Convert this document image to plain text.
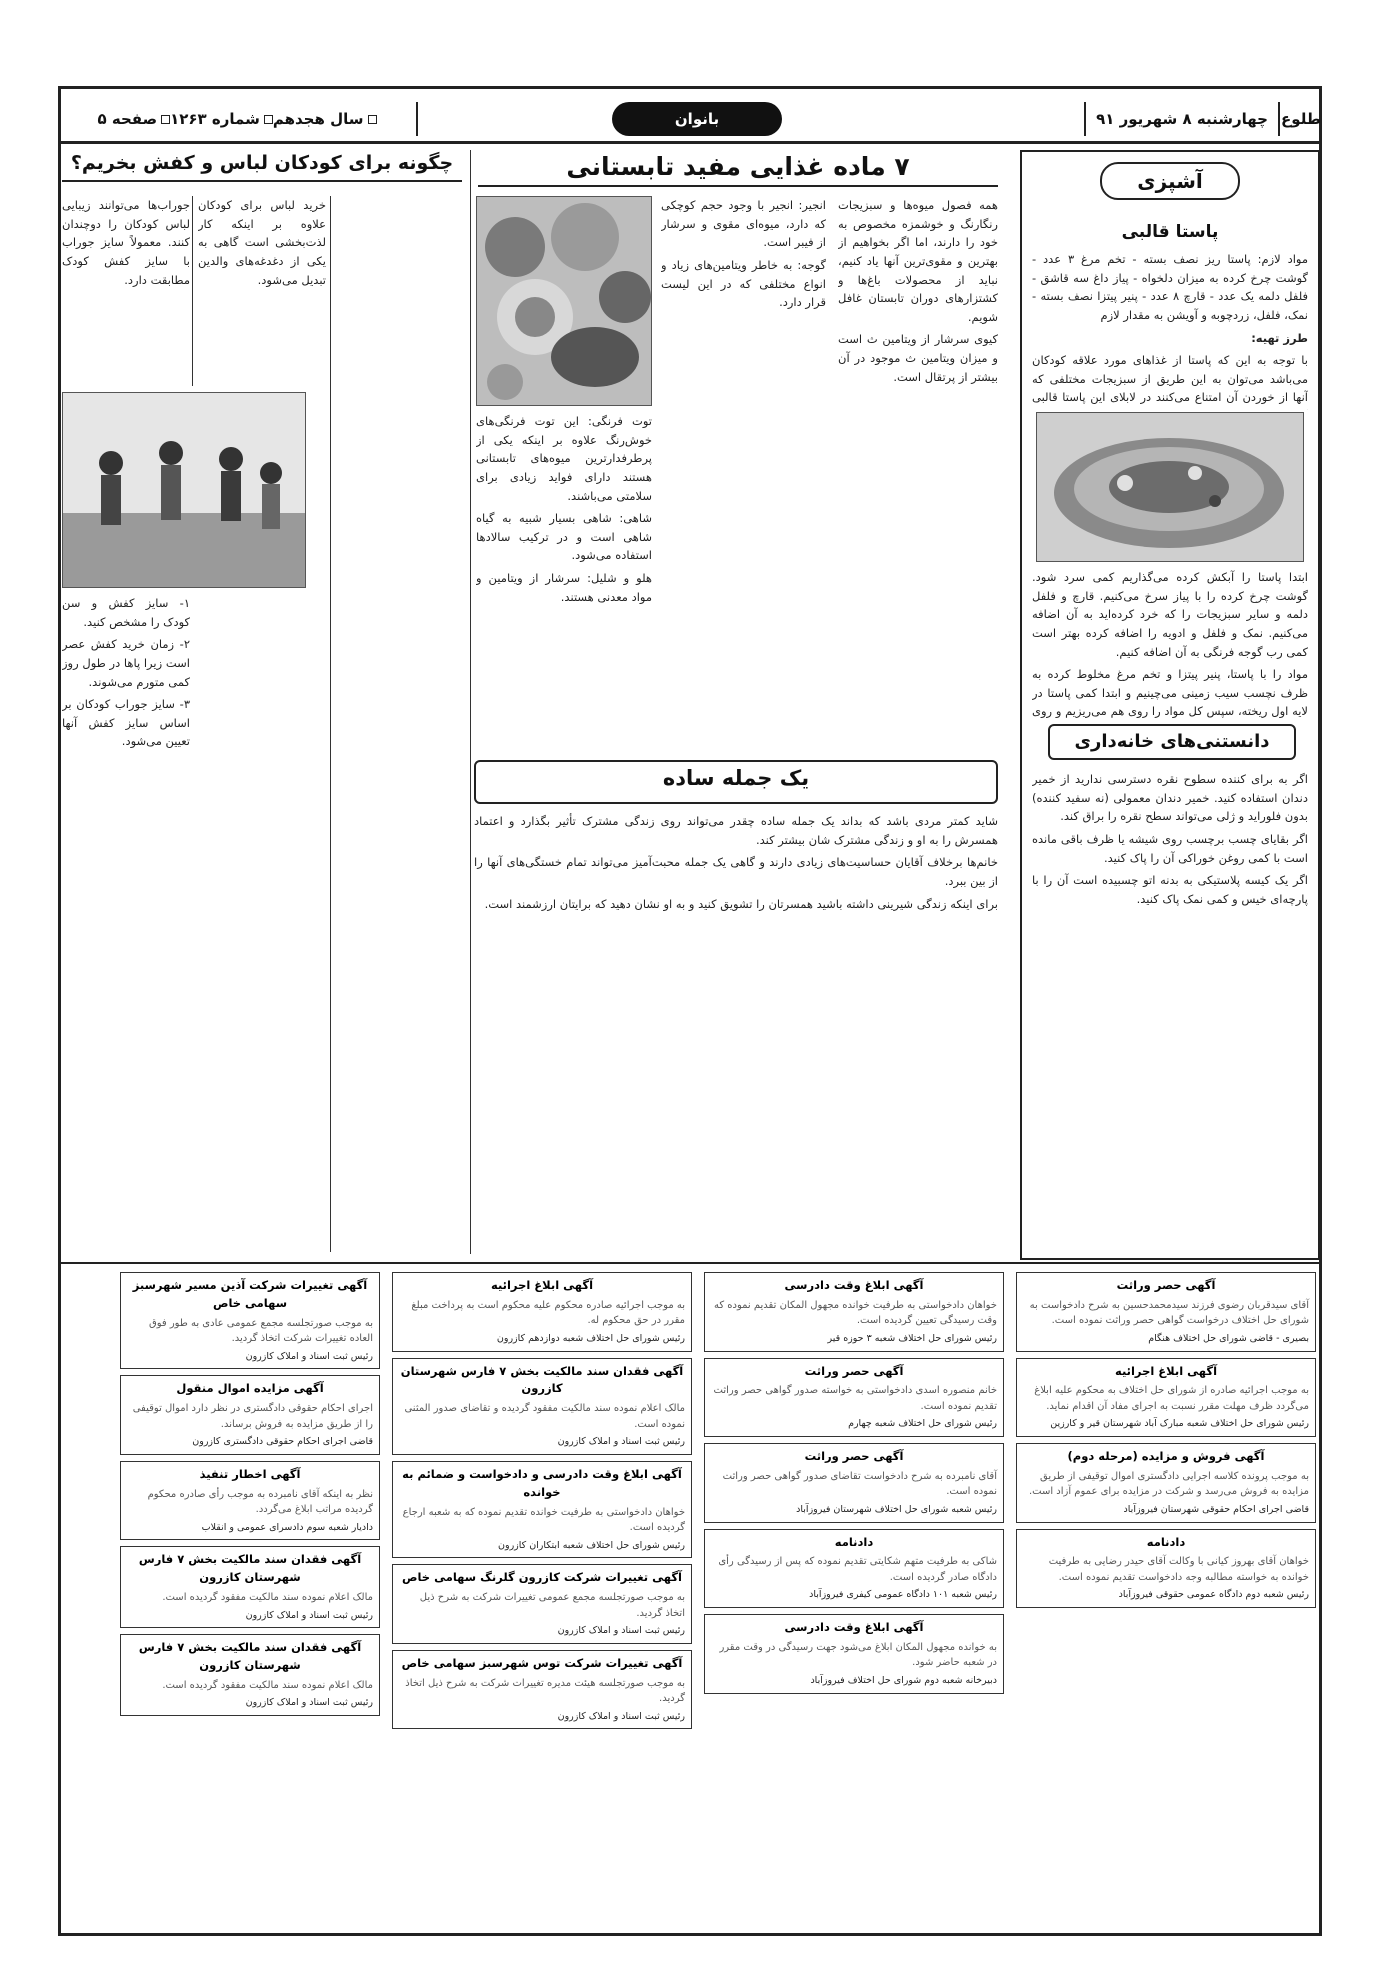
طلوع
چهارشنبه ۸ شهریور ۹۱
بانوان
سال هجدهم
شماره ۱۲۶۳
صفحه ۵
آشپزی
پاستا قالبی

مواد لازم: پاستا ریز نصف بسته - تخم مرغ ۳ عدد - گوشت چرخ کرده به میزان دلخواه - پیاز داغ سه قاشق - فلفل دلمه یک عدد - قارچ ۸ عدد - پنیر پیتزا نصف بسته - نمک، فلفل، زردچوبه و آویشن به مقدار لازم

طرز تهیه:

با توجه به این که پاستا از غذاهای مورد علاقه کودکان می‌باشد می‌توان به این طریق از سبزیجات مختلفی که آنها از خوردن آن امتناع می‌کنند در لابلای این پاستا قالبی

ابتدا پاستا را آبکش کرده می‌گذاریم کمی سرد شود. گوشت چرخ کرده را با پیاز سرخ می‌کنیم. قارچ و فلفل دلمه و سایر سبزیجات را که خرد کرده‌اید به آن اضافه می‌کنیم. نمک و فلفل و ادویه را اضافه کرده بهتر است کمی رب گوجه فرنگی به آن اضافه کنیم.

مواد را با پاستا، پنیر پیتزا و تخم مرغ مخلوط کرده به ظرف نچسب سیب زمینی می‌چینیم و ابتدا کمی پاستا در لایه اول ریخته، سپس کل مواد را روی هم می‌ریزیم و روی

دانستنی‌های خانه‌داری

اگر به برای کننده سطوح نقره دسترسی ندارید از خمیر دندان استفاده کنید. خمیر دندان معمولی (نه سفید کننده) بدون فلوراید و ژلی می‌تواند سطح نقره را براق کند.

اگر بقایای چسب برچسب روی شیشه یا ظرف باقی مانده است با کمی روغن خوراکی آن را پاک کنید.

اگر یک کیسه پلاستیکی به بدنه اتو چسبیده است آن را با پارچه‌ای خیس و کمی نمک پاک کنید.

۷ ماده غذایی مفید تابستانی

همه فصول میوه‌ها و سبزیجات رنگارنگ و خوشمزه مخصوص به خود را دارند، اما اگر بخواهیم از بهترین و مقوی‌ترین آنها یاد کنیم، نباید از محصولات باغ‌ها و کشتزارهای دوران تابستان غافل شویم.

کیوی سرشار از ویتامین ث است و میزان ویتامین ث موجود در آن بیشتر از پرتقال است.

انجیر: انجیر با وجود حجم کوچکی که دارد، میوه‌ای مقوی و سرشار از فیبر است.

گوجه: به خاطر ویتامین‌های زیاد و انواع مختلفی که در این لیست قرار دارد.

توت فرنگی: این توت فرنگی‌های خوش‌رنگ علاوه بر اینکه یکی از پرطرفدارترین میوه‌های تابستانی هستند دارای فواید زیادی برای سلامتی می‌باشند.

شاهی: شاهی بسیار شبیه به گیاه شاهی است و در ترکیب سالادها استفاده می‌شود.

هلو و شلیل: سرشار از ویتامین و مواد معدنی هستند.

یک جمله ساده

شاید کمتر مردی باشد که بداند یک جمله ساده چقدر می‌تواند روی زندگی مشترک تأثیر بگذارد و اعتماد همسرش را به او و زندگی مشترک شان بیشتر کند.

خانم‌ها برخلاف آقایان حساسیت‌های زیادی دارند و گاهی یک جمله محبت‌آمیز می‌تواند تمام خستگی‌های آنها را از بین ببرد.

برای اینکه زندگی شیرینی داشته باشید همسرتان را تشویق کنید و به او نشان دهید که برایتان ارزشمند است.

چگونه برای کودکان لباس و کفش بخریم؟

جوراب‌ها می‌توانند زیبایی لباس کودکان را دوچندان کنند. معمولاً سایز جوراب با سایز کفش کودک مطابقت دارد.

خرید لباس برای کودکان علاوه بر اینکه کار لذت‌بخشی است گاهی به یکی از دغدغه‌های والدین تبدیل می‌شود.

۱- سایز کفش و سن کودک را مشخص کنید.

۲- زمان خرید کفش عصر است زیرا پاها در طول روز کمی متورم می‌شوند.

۳- سایز جوراب کودکان بر اساس سایز کفش آنها تعیین می‌شود.

آگهی حصر وراثت
آقای سیدقربان رضوی فرزند سیدمحمدحسین به شرح دادخواست به شورای حل اختلاف درخواست گواهی حصر وراثت نموده است.
بصیری - قاضی شورای حل اختلاف هنگام
آگهی ابلاغ اجرائیه
به موجب اجرائیه صادره از شورای حل اختلاف به محکوم علیه ابلاغ می‌گردد ظرف مهلت مقرر نسبت به اجرای مفاد آن اقدام نماید.
رئیس شورای حل اختلاف شعبه مبارک آباد شهرستان قیر و کارزین
آگهی فروش و مزایده (مرحله دوم)
به موجب پرونده کلاسه اجرایی دادگستری اموال توقیفی از طریق مزایده به فروش می‌رسد و شرکت در مزایده برای عموم آزاد است.
قاضی اجرای احکام حقوقی شهرستان فیروزآباد
دادنامه
خواهان آقای بهروز کیانی با وکالت آقای حیدر رضایی به طرفیت خوانده به خواسته مطالبه وجه دادخواست تقدیم نموده است.
رئیس شعبه دوم دادگاه عمومی حقوقی فیروزآباد
آگهی ابلاغ وقت دادرسی
خواهان دادخواستی به طرفیت خوانده مجهول المکان تقدیم نموده که وقت رسیدگی تعیین گردیده است.
رئیس شورای حل اختلاف شعبه ۳ حوزه قیر
آگهی حصر وراثت
خانم منصوره اسدی دادخواستی به خواسته صدور گواهی حصر وراثت تقدیم نموده است.
رئیس شورای حل اختلاف شعبه چهارم
آگهی حصر وراثت
آقای نامبرده به شرح دادخواست تقاضای صدور گواهی حصر وراثت نموده است.
رئیس شعبه شورای حل اختلاف شهرستان فیروزآباد
دادنامه
شاکی به طرفیت متهم شکایتی تقدیم نموده که پس از رسیدگی رأی دادگاه صادر گردیده است.
رئیس شعبه ۱۰۱ دادگاه عمومی کیفری فیروزآباد
آگهی ابلاغ وقت دادرسی
به خوانده مجهول المکان ابلاغ می‌شود جهت رسیدگی در وقت مقرر در شعبه حاضر شود.
دبیرخانه شعبه دوم شورای حل اختلاف فیروزآباد
آگهی ابلاغ اجرائیه
به موجب اجرائیه صادره محکوم علیه محکوم است به پرداخت مبلغ مقرر در حق محکوم له.
رئیس شورای حل اختلاف شعبه دوازدهم کازرون
آگهی فقدان سند مالکیت بخش ۷ فارس شهرستان کازرون
مالک اعلام نموده سند مالکیت مفقود گردیده و تقاضای صدور المثنی نموده است.
رئیس ثبت اسناد و املاک کازرون
آگهی ابلاغ وقت دادرسی و دادخواست و ضمائم به خوانده
خواهان دادخواستی به طرفیت خوانده تقدیم نموده که به شعبه ارجاع گردیده است.
رئیس شورای حل اختلاف شعبه ابتکاران کازرون
آگهی تغییرات شرکت کازرون گلرنگ سهامی خاص
به موجب صورتجلسه مجمع عمومی تغییرات شرکت به شرح ذیل اتخاذ گردید.
رئیس ثبت اسناد و املاک کازرون
آگهی تغییرات شرکت توس شهرسبز سهامی خاص
به موجب صورتجلسه هیئت مدیره تغییرات شرکت به شرح ذیل اتخاذ گردید.
رئیس ثبت اسناد و املاک کازرون
آگهی تغییرات شرکت آذین مسیر شهرسبز سهامی خاص
به موجب صورتجلسه مجمع عمومی عادی به طور فوق العاده تغییرات شرکت اتخاذ گردید.
رئیس ثبت اسناد و املاک کازرون
آگهی مزایده اموال منقول
اجرای احکام حقوقی دادگستری در نظر دارد اموال توقیفی را از طریق مزایده به فروش برساند.
قاضی اجرای احکام حقوقی دادگستری کازرون
آگهی اخطار تنفیذ
نظر به اینکه آقای نامبرده به موجب رأی صادره محکوم گردیده مراتب ابلاغ می‌گردد.
دادیار شعبه سوم دادسرای عمومی و انقلاب
آگهی فقدان سند مالکیت بخش ۷ فارس شهرستان کازرون
مالک اعلام نموده سند مالکیت مفقود گردیده است.
رئیس ثبت اسناد و املاک کازرون
آگهی فقدان سند مالکیت بخش ۷ فارس شهرستان کازرون
مالک اعلام نموده سند مالکیت مفقود گردیده است.
رئیس ثبت اسناد و املاک کازرون
